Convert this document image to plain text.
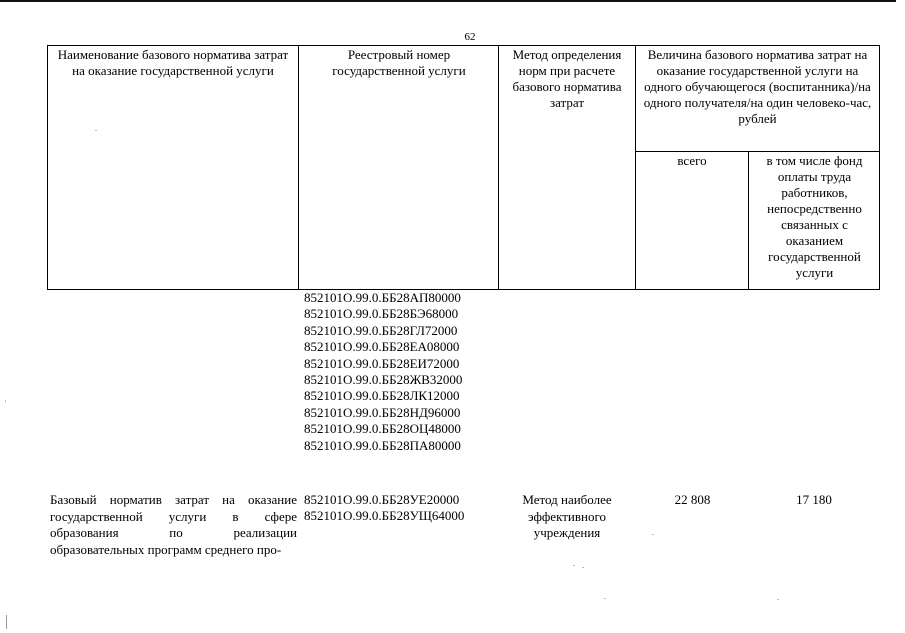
62
Наименование базового норматива затрат на оказание государственной услуги
Реестровый номер государственной услуги
Метод определения норм при расчете базового норматива затрат
Величина базового норматива затрат на оказание государственной услуги на одного обучающегося (воспитанника)/на одного получателя/на один человеко-час, рублей
всего	в том числе фонд оплаты труда работников, непосредственно связанных с оказанием государственной услуги
852101О.99.0.ББ28АП80000
852101О.99.0.ББ28БЭ68000
852101О.99.0.ББ28ГЛ72000
852101О.99.0.ББ28ЕА08000
852101О.99.0.ББ28ЕИ72000
852101О.99.0.ББ28ЖВ32000
852101О.99.0.ББ28ЛК12000
852101О.99.0.ББ28НД96000
852101О.99.0.ББ28ОЦ48000
852101О.99.0.ББ28ПА80000
Базовый норматив затрат на оказание государственной услуги в сфере образования по реализации образовательных программ среднего про-
852101О.99.0.ББ28УЕ20000
852101О.99.0.ББ28УЩ64000
Метод наиболее эффективного учреждения
22 808	17 180
